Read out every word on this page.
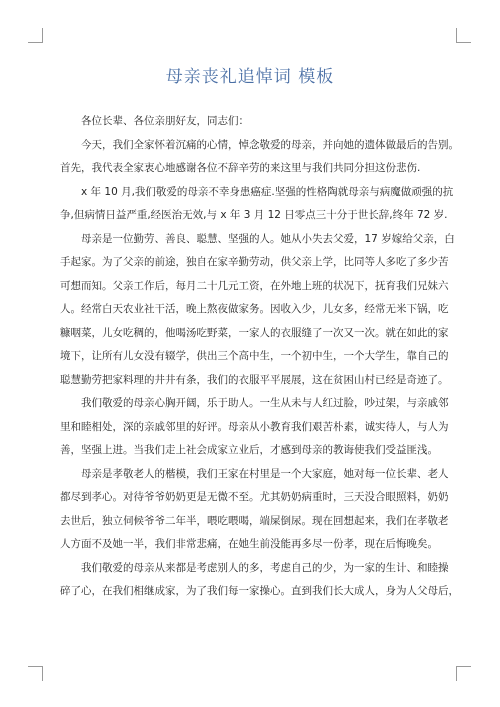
母亲丧礼追悼词 模板
各位长辈、各位亲朋好友，同志们：
今天，我们全家怀着沉痛的心情，悼念敬爱的母亲，并向她的遗体做最后的告别。
首先，我代表全家衷心地感谢各位不辞辛劳的来这里与我们共同分担这份悲伤.
x 年 10 月,我们敬爱的母亲不幸身患癌症.坚强的性格陶就母亲与病魔做顽强的抗
争,但病情日益严重,经医治无效,与 x 年 3 月 12 日零点三十分于世长辞,终年 72 岁.
母亲是一位勤劳、善良、聪慧、坚强的人。她从小失去父爱，17 岁嫁给父亲，白
手起家。为了父亲的前途，独自在家辛勤劳动，供父亲上学，比同等人多吃了多少苦
可想而知。父亲工作后，每月二十几元工资，在外地上班的状况下，抚育我们兄妹六
人。经常白天农业社干活，晚上熬夜做家务。因收入少，儿女多，经常无米下锅，吃
糠咽菜，儿女吃稠的，他喝汤吃野菜，一家人的衣服缝了一次又一次。就在如此的家
境下，让所有儿女没有辍学，供出三个高中生，一个初中生，一个大学生，靠自己的
聪慧勤劳把家料理的井井有条，我们的衣服平平展展，这在贫困山村已经是奇迹了。
我们敬爱的母亲心胸开阔，乐于助人。一生从未与人红过脸，吵过架，与亲戚邻
里和睦相处，深的亲戚邻里的好评。母亲从小教育我们艰苦朴素，诚实待人，与人为
善，坚强上进。当我们走上社会成家立业后，才感到母亲的教诲使我们受益匪浅。
母亲是孝敬老人的楷模，我们王家在村里是一个大家庭，她对每一位长辈、老人
都尽到孝心。对待爷爷奶奶更是无微不至。尤其奶奶病重时，三天没合眼照料，奶奶
去世后，独立伺候爷爷二年半，喂吃喂喝，端屎倒尿。现在回想起来，我们在孝敬老
人方面不及她一半，我们非常悲痛，在她生前没能再多尽一份孝，现在后悔晚矣。
我们敬爱的母亲从来都是考虑别人的多，考虑自己的少，为一家的生计、和睦操
碎了心，在我们相继成家，为了我们每一家操心。直到我们长大成人，身为人父母后，
